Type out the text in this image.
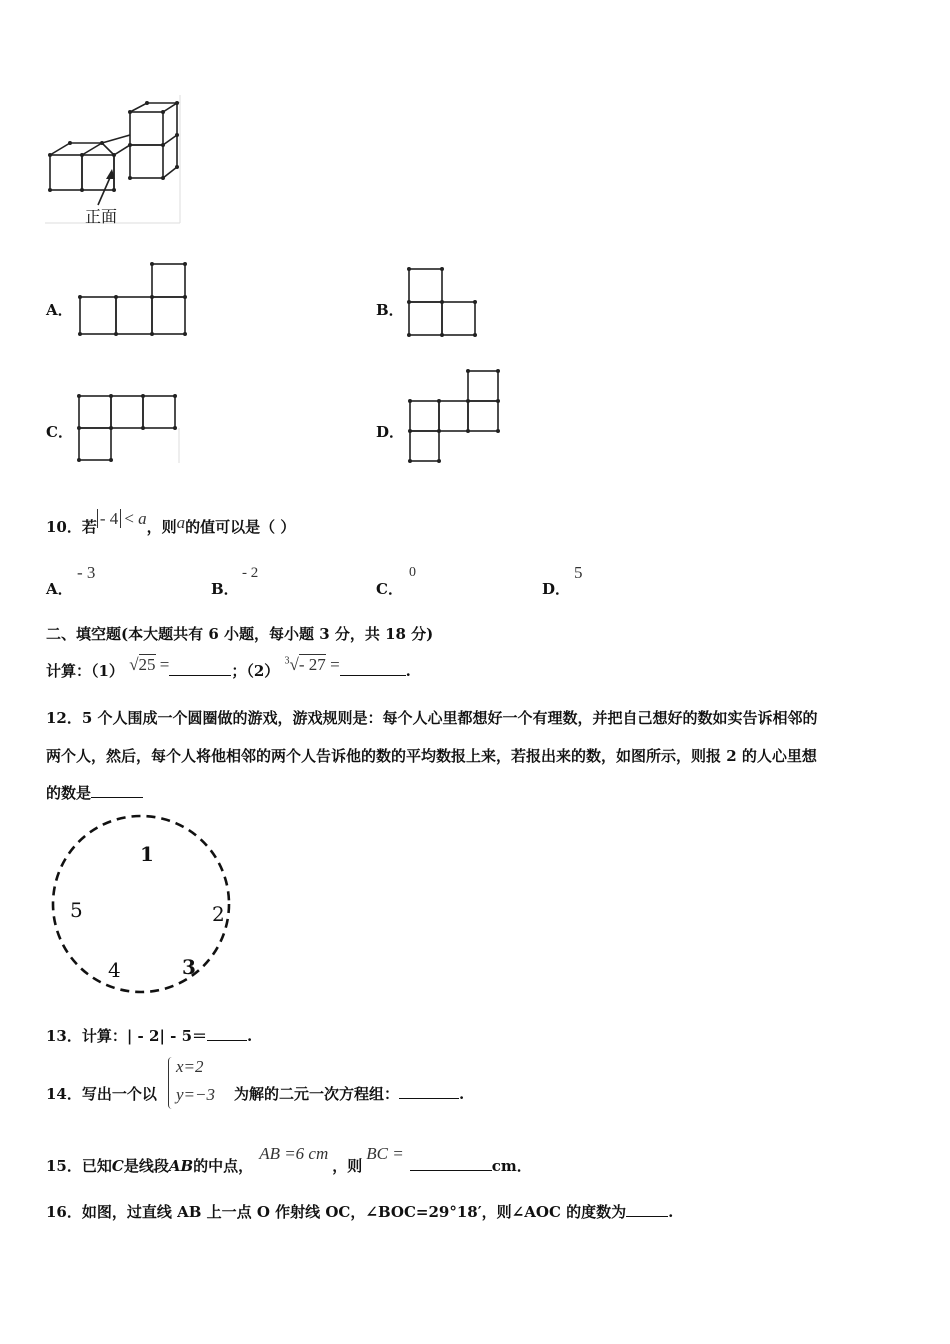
正面
A．	B．
C．	D．
10．若 - 4 < a，则a的值可以是（ ）
A．
- 3
B．
- 2
C．
0
D．
5
二、填空题(本大题共有 6 小题，每小题 3 分，共 18 分)
计算：（1） √25 =	；（2） $^3$√- 27 =	.
12．5 个人围成一个圆圈做的游戏，游戏规则是：每个人心里都想好一个有理数，并把自己想好的数如实告诉相邻的
两个人，然后，每个人将他相邻的两个人告诉他的数的平均数报上来，若报出来的数，如图所示，则报 2 的人心里想
的数是
1
2
3
4
5
13．计算：| - 2| - 5＝	.
14．写出一个以
x=2
y=−3 为解的二元一次方程组：	.
15．已知C是线段AB的中点，AB =6 cm，则BC =cm．
16．如图，过直线 AB 上一点 O 作射线 OC，∠BOC=29°18′，则∠AOC 的度数为	.
